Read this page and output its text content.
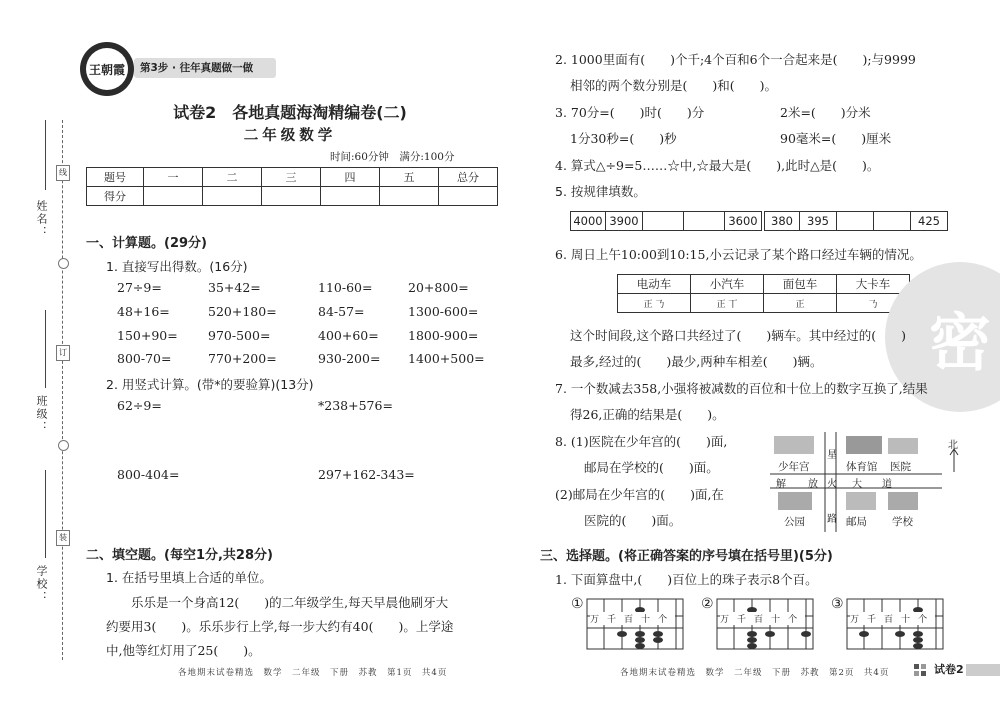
姓名：
班级：
学校：
线
订
装
王朝霞	第3步 · 往年真题做一做
试卷2　各地真题海淘精编卷(二)
二年级数学
时间:60分钟　满分:100分
题号	一	二	三	四	五	总分
得分						
一、计算题。(29分)
1. 直接写出得数。(16分)
27÷9=	35+42=	110-60=	20+800=
48+16=	520+180=	84-57=	1300-600=
150+90= 970-500=	400+60= 1800-900=
800-70=	770+200=	930-200= 1400+500=
2. 用竖式计算。(带*的要验算)(13分)
62÷9=	*238+576=
800-404=	297+162-343=
二、填空题。(每空1分,共28分)
1. 在括号里填上合适的单位。
乐乐是一个身高12(　　)的二年级学生,每天早晨他刷牙大
约要用3(　　)。乐乐步行上学,每一步大约有40(　　)。上学途
中,他等红灯用了25(　　)。
2. 1000里面有(　　)个千;4个百和6个一合起来是(　　);与9999
相邻的两个数分别是(　　)和(　　)。
3. 70分=(　　)时(　　)分	2米=(　　)分米
1分30秒=(　　)秒	90毫米=(　　)厘米
4. 算式△÷9=5……☆中,☆最大是(　　),此时△是(　　)。
5. 按规律填数。
4000	3900			3600 380	395			425
6. 周日上午10:00到10:15,小云记录了某个路口经过车辆的情况。
电动车	小汽车	面包车	大卡车
正 𠄎	正 丅	正	𠄎
密
这个时间段,这个路口共经过了(　　)辆车。其中经过的(　　)
最多,经过的(　　)最少,两种车相差(　　)辆。
7. 一个数减去358,小强将被减数的百位和十位上的数字互换了,结果
得26,正确的结果是(　　)。
8. (1)医院在少年宫的(　　)面,
邮局在学校的(　　)面。
(2)邮局在少年宫的(　　)面,在
医院的(　　)面。
少年宫	体育馆 医院
公园	邮局 学校
解 放	大 道
星
火
路
北
三、选择题。(将正确答案的序号填在括号里)(5分)
1. 下面算盘中,(　　)百位上的珠子表示8个百。
①	②	③
万千百十个	万千百十个	万千百十个
各地期末试卷精选　数学　二年级　下册　苏教　第1页　共4页	各地期末试卷精选　数学　二年级　下册　苏教　第2页　共4页	试卷2
